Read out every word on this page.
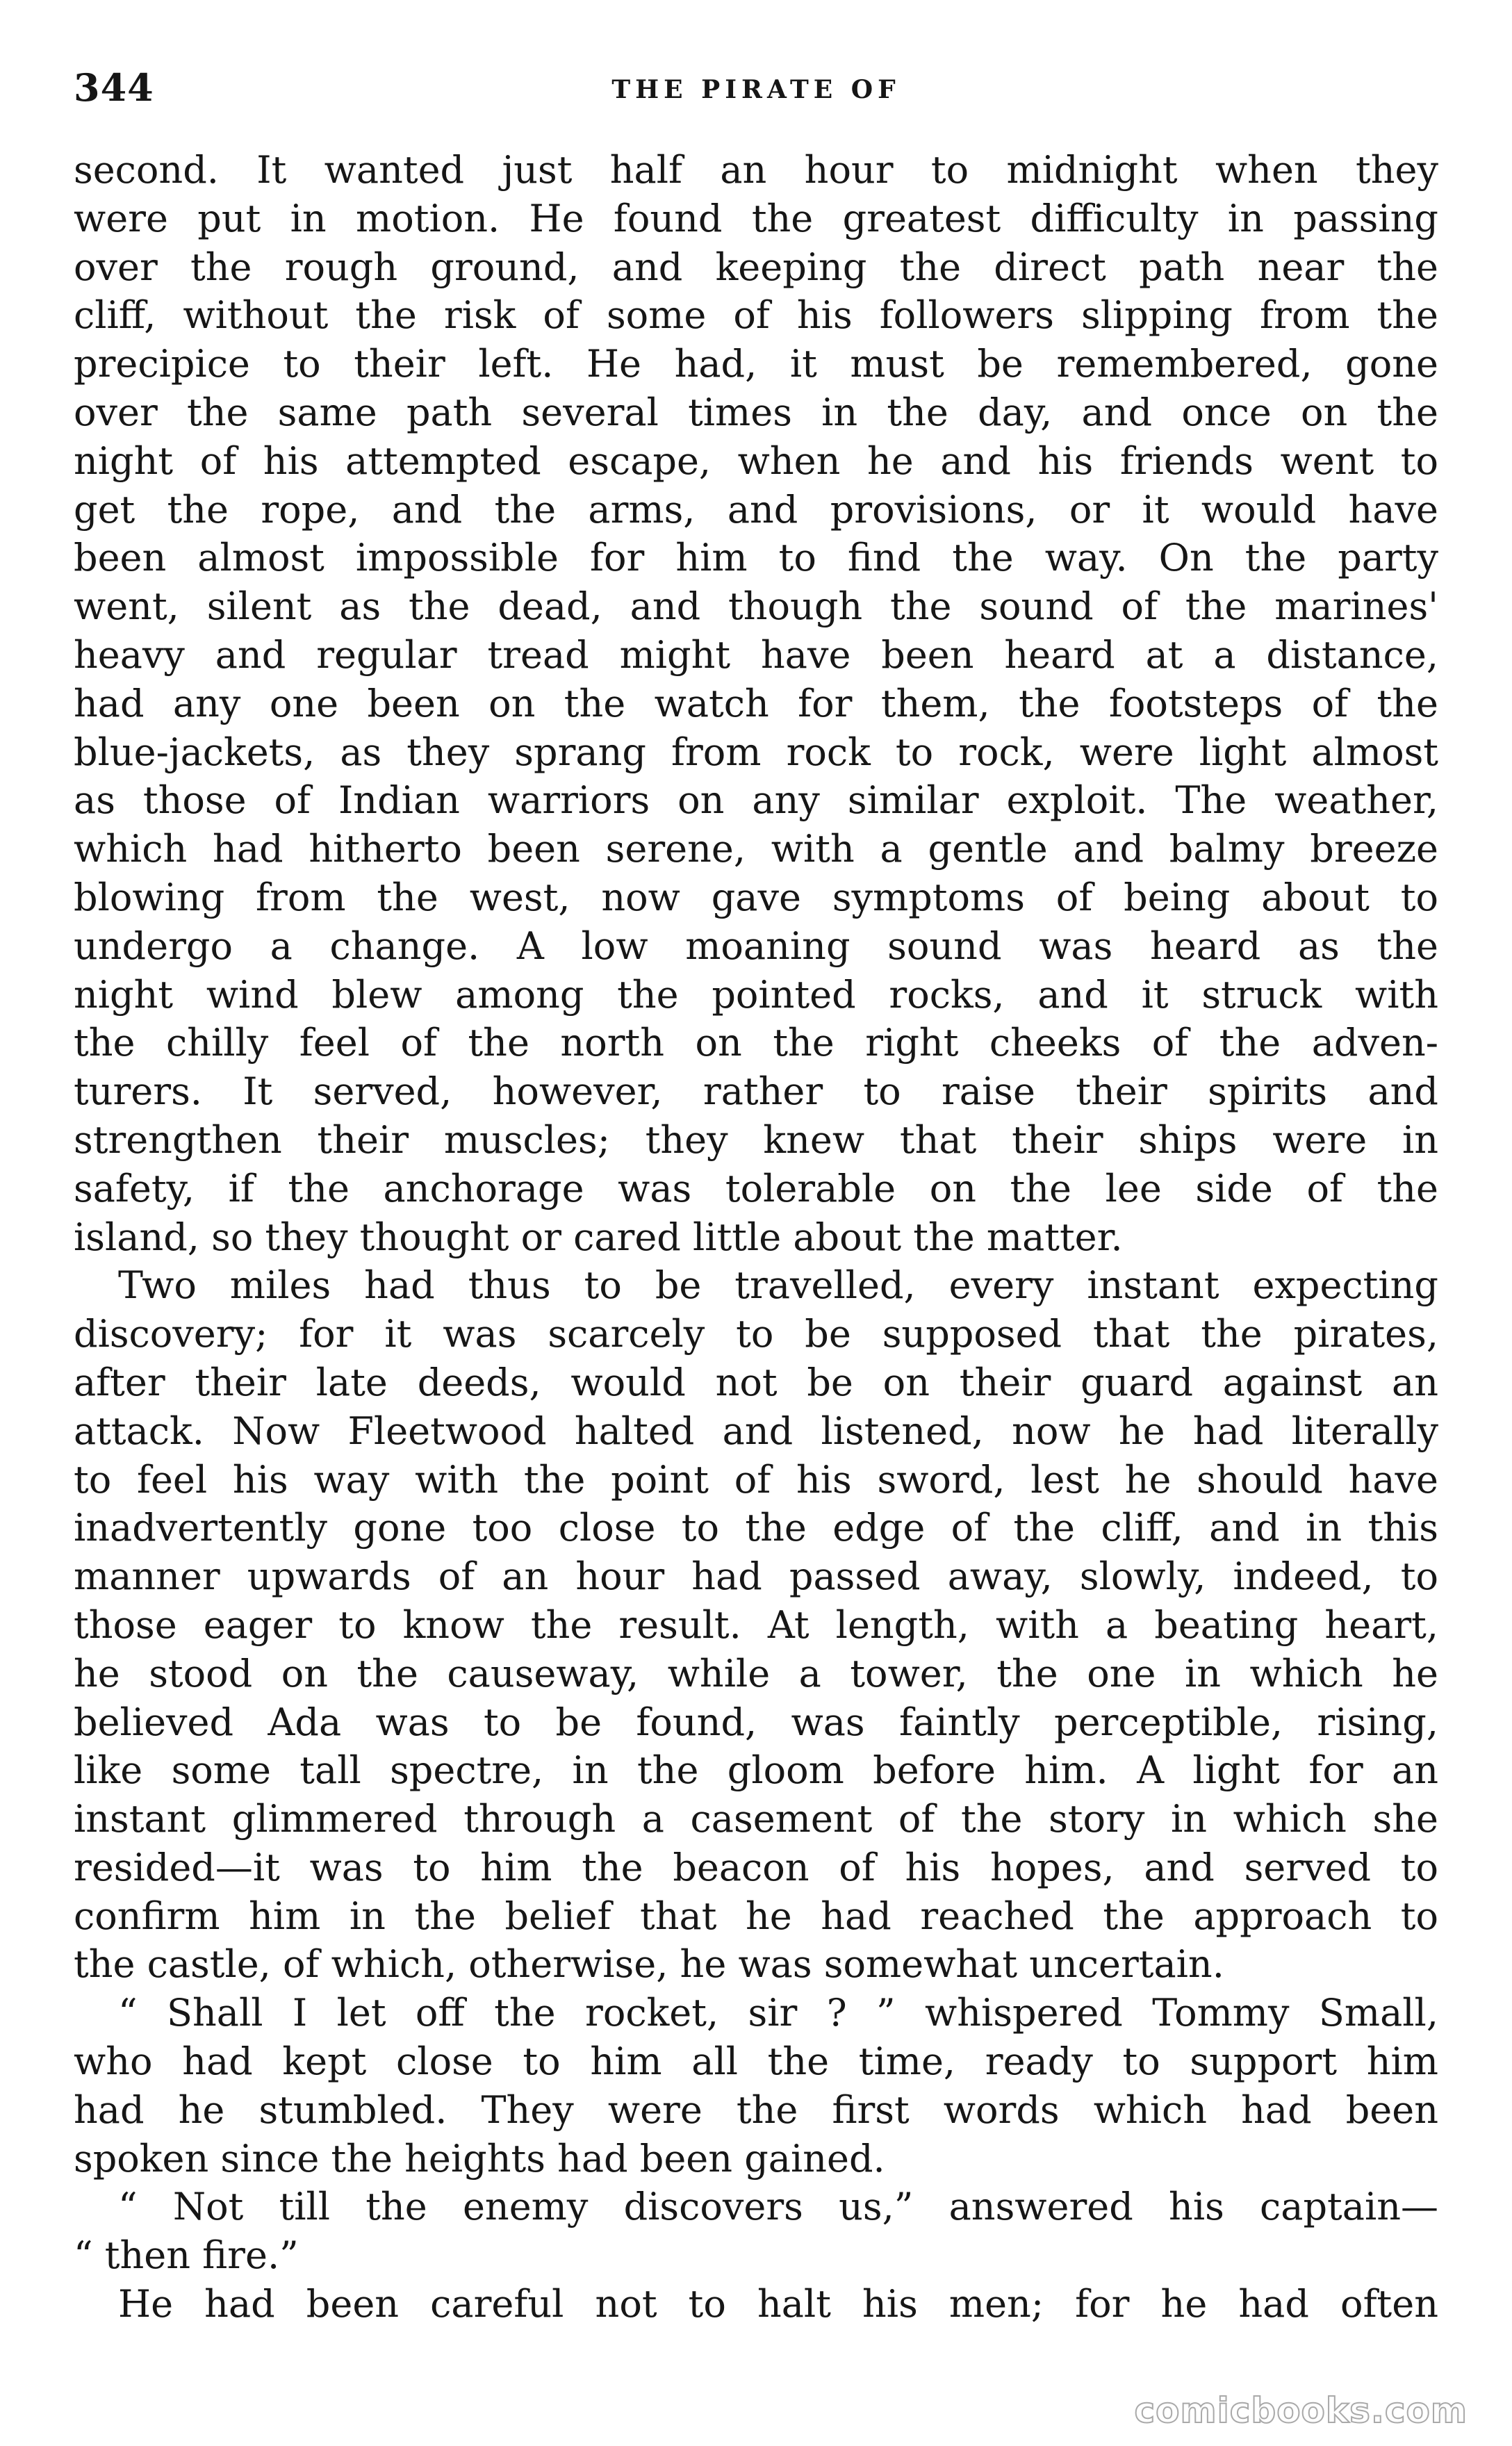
344	THE PIRATE OF
second. It wanted just half an hour to midnight when they
were put in motion. He found the greatest difficulty in passing
over the rough ground, and keeping the direct path near the
cliff, without the risk of some of his followers slipping from the
precipice to their left. He had, it must be remembered, gone
over the same path several times in the day, and once on the
night of his attempted escape, when he and his friends went to
get the rope, and the arms, and provisions, or it would have
been almost impossible for him to find the way. On the party
went, silent as the dead, and though the sound of the marines'
heavy and regular tread might have been heard at a distance,
had any one been on the watch for them, the footsteps of the
blue-jackets, as they sprang from rock to rock, were light almost
as those of Indian warriors on any similar exploit. The weather,
which had hitherto been serene, with a gentle and balmy breeze
blowing from the west, now gave symptoms of being about to
undergo a change. A low moaning sound was heard as the
night wind blew among the pointed rocks, and it struck with
the chilly feel of the north on the right cheeks of the adven-
turers. It served, however, rather to raise their spirits and
strengthen their muscles; they knew that their ships were in
safety, if the anchorage was tolerable on the lee side of the
island, so they thought or cared little about the matter.
Two miles had thus to be travelled, every instant expecting
discovery; for it was scarcely to be supposed that the pirates,
after their late deeds, would not be on their guard against an
attack. Now Fleetwood halted and listened, now he had literally
to feel his way with the point of his sword, lest he should have
inadvertently gone too close to the edge of the cliff, and in this
manner upwards of an hour had passed away, slowly, indeed, to
those eager to know the result. At length, with a beating heart,
he stood on the causeway, while a tower, the one in which he
believed Ada was to be found, was faintly perceptible, rising,
like some tall spectre, in the gloom before him. A light for an
instant glimmered through a casement of the story in which she
resided—it was to him the beacon of his hopes, and served to
confirm him in the belief that he had reached the approach to
the castle, of which, otherwise, he was somewhat uncertain.
“ Shall I let off the rocket, sir ? ” whispered Tommy Small,
who had kept close to him all the time, ready to support him
had he stumbled. They were the first words which had been
spoken since the heights had been gained.
“ Not till the enemy discovers us,” answered his captain—
“ then fire.”
He had been careful not to halt his men; for he had often
comicbooks.com
